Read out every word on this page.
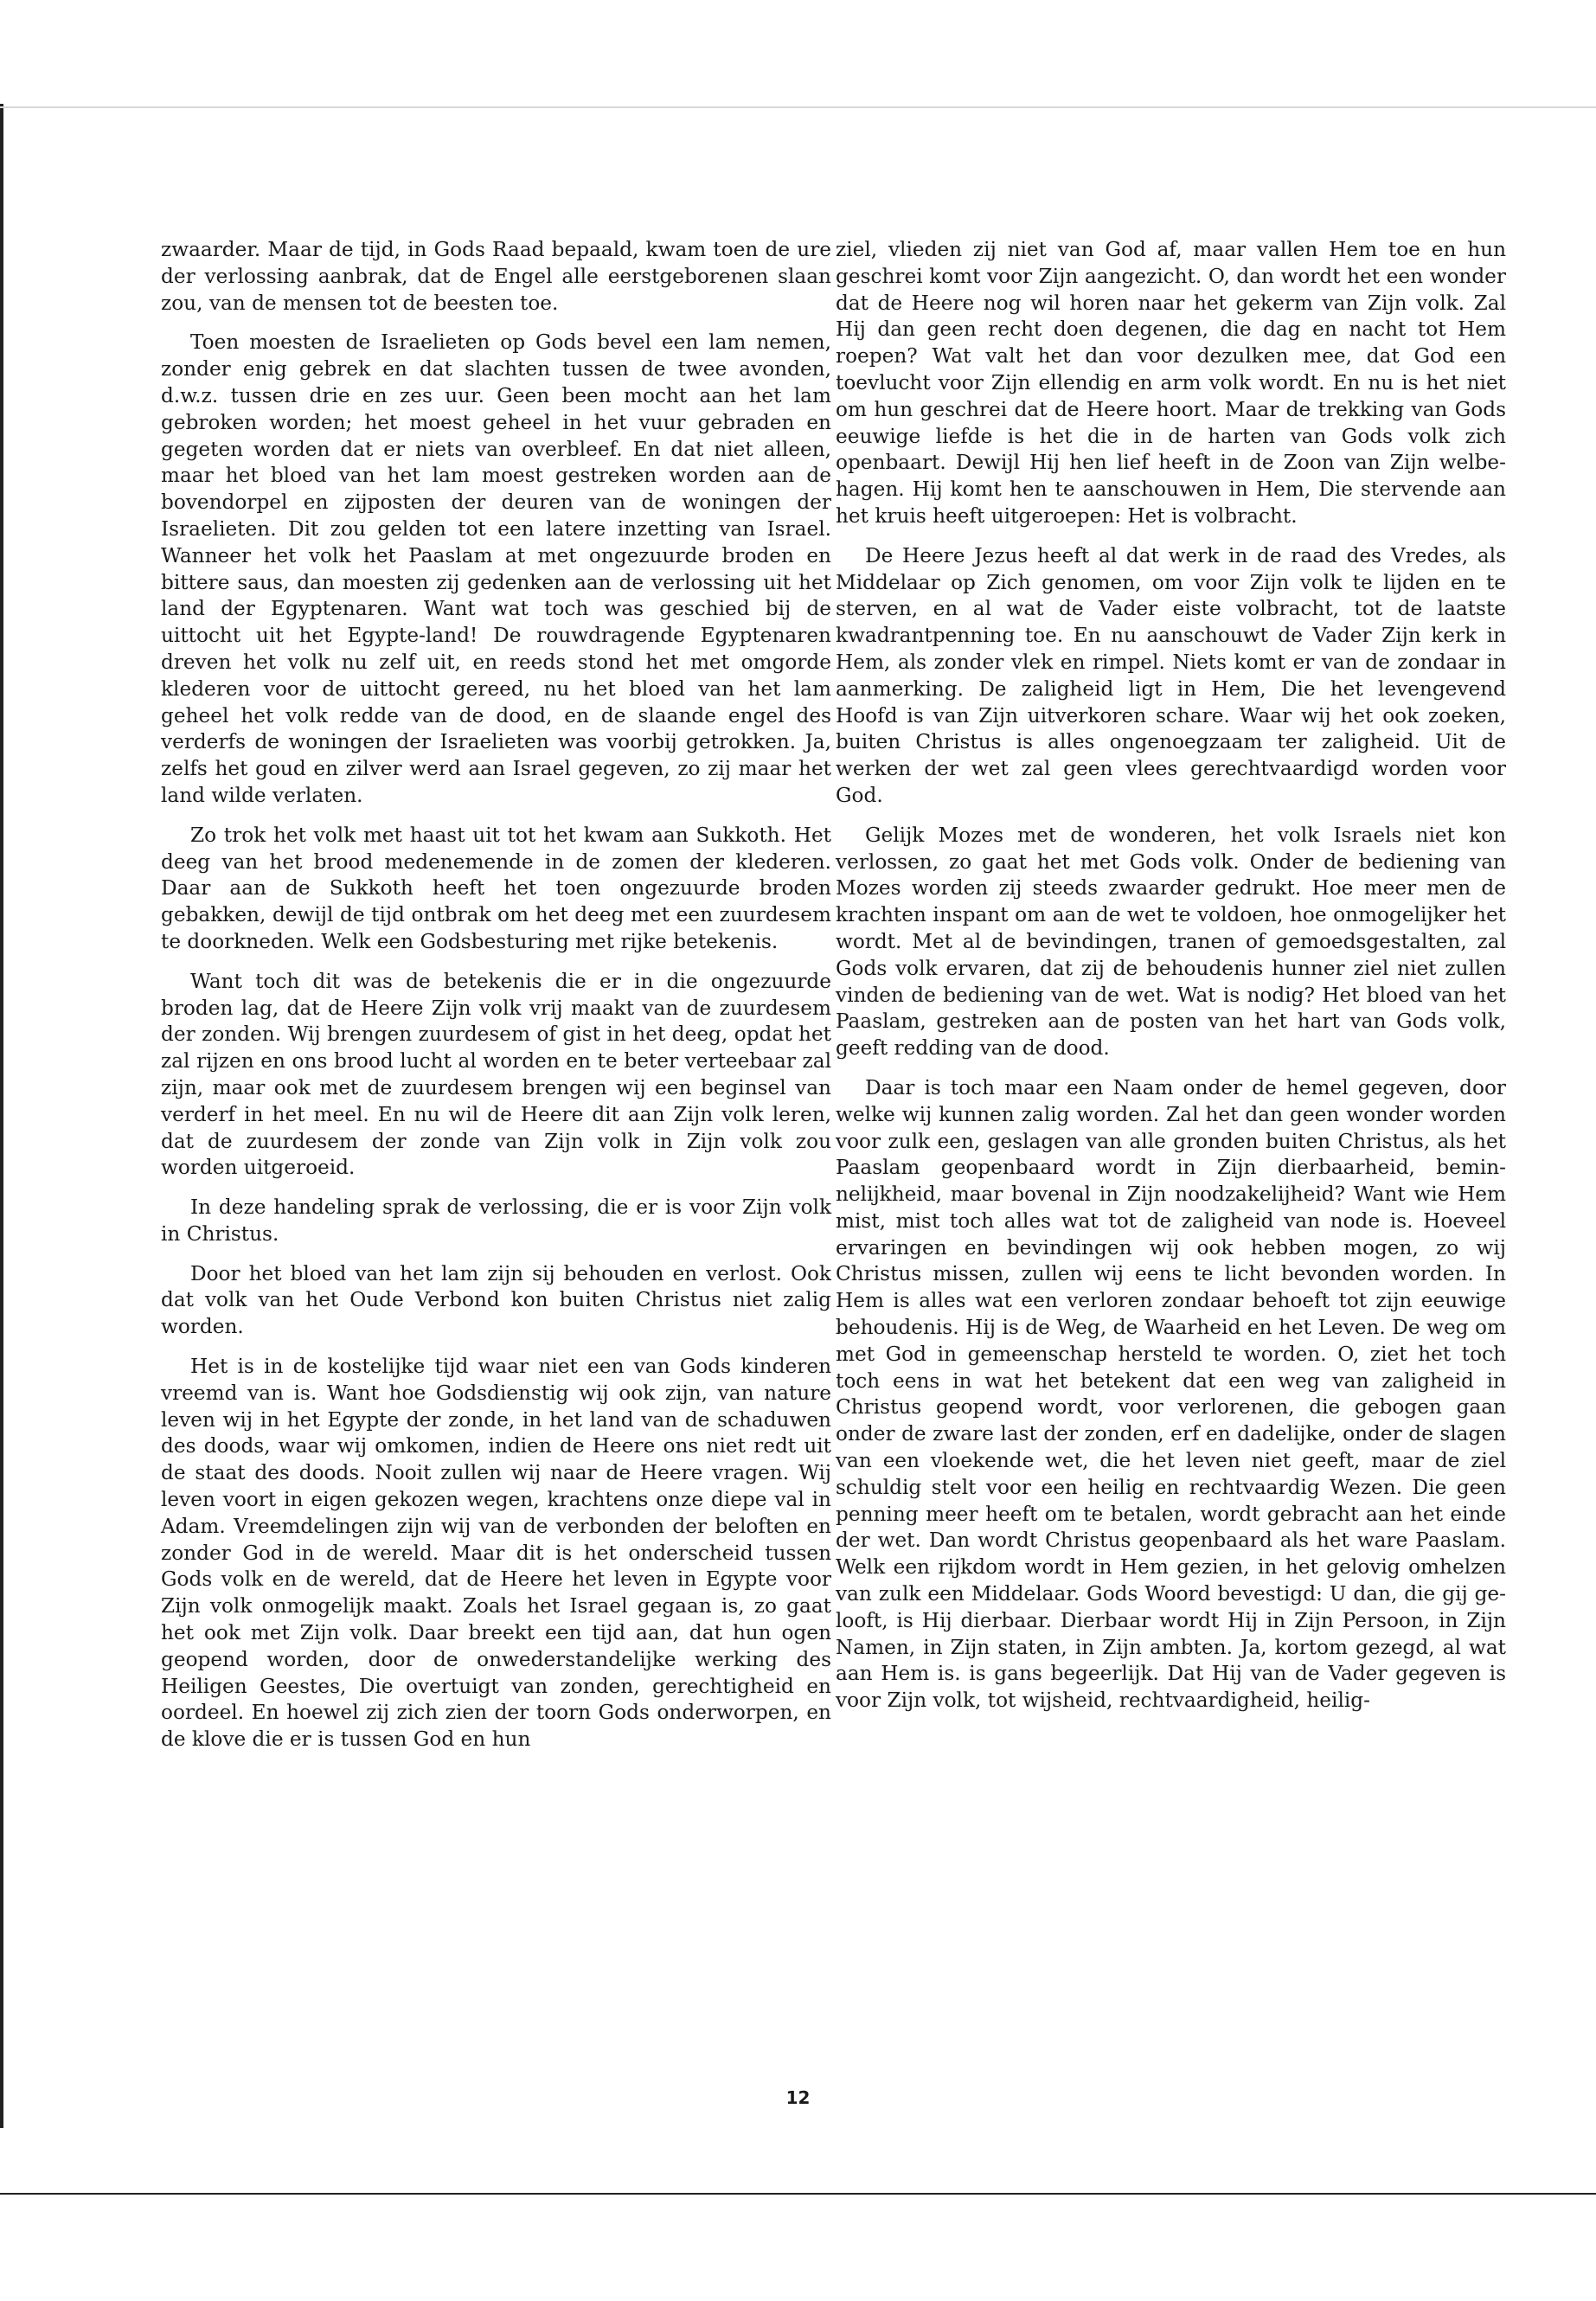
zwaarder. Maar de tijd, in Gods Raad bepaald, kwam toen de ure der verlossing aanbrak, dat de Engel alle eerstgeborenen slaan zou, van de mensen tot de beesten toe.

Toen moesten de Israelieten op Gods bevel een lam nemen, zonder enig gebrek en dat slachten tussen de twee avonden, d.w.z. tussen drie en zes uur. Geen been mocht aan het lam gebroken worden; het moest geheel in het vuur gebraden en gegeten worden dat er niets van overbleef. En dat niet alleen, maar het bloed van het lam moest gestreken worden aan de bovendorpel en zijposten der deuren van de woningen der Israelieten. Dit zou gelden tot een latere inzetting van Israel. Wanneer het volk het Paaslam at met ongezuurde broden en bittere saus, dan moesten zij gedenken aan de verlossing uit het land der Egyptenaren. Want wat toch was geschied bij de uittocht uit het Egypte-land! De rouwdragende Egyptenaren dreven het volk nu zelf uit, en reeds stond het met omgorde klederen voor de uittocht gereed, nu het bloed van het lam geheel het volk redde van de dood, en de slaande engel des verderfs de woningen der Israelieten was voorbij getrokken. Ja, zelfs het goud en zilver werd aan Israel gegeven, zo zij maar het land wilde verlaten.

Zo trok het volk met haast uit tot het kwam aan Sukkoth. Het deeg van het brood medenemende in de zomen der klederen. Daar aan de Sukkoth heeft het toen ongezuurde broden gebakken, dewijl de tijd ontbrak om het deeg met een zuurdesem te doorkneden. Welk een Godsbesturing met rijke betekenis.

Want toch dit was de betekenis die er in die ongezuurde broden lag, dat de Heere Zijn volk vrij maakt van de zuurdesem der zonden. Wij brengen zuurdesem of gist in het deeg, opdat het zal rijzen en ons brood lucht al worden en te beter verteebaar zal zijn, maar ook met de zuurdesem brengen wij een beginsel van verderf in het meel. En nu wil de Heere dit aan Zijn volk leren, dat de zuurdesem der zonde van Zijn volk in Zijn volk zou worden uitgeroeid.

In deze handeling sprak de verlossing, die er is voor Zijn volk in Christus.

Door het bloed van het lam zijn sij behouden en verlost. Ook dat volk van het Oude Verbond kon buiten Christus niet zalig worden.

Het is in de kostelijke tijd waar niet een van Gods kinderen vreemd van is. Want hoe Godsdienstig wij ook zijn, van nature leven wij in het Egypte der zonde, in het land van de schaduwen des doods, waar wij omkomen, indien de Heere ons niet redt uit de staat des doods. Nooit zullen wij naar de Heere vragen. Wij leven voort in eigen gekozen wegen, krachtens onze diepe val in Adam. Vreemdelingen zijn wij van de verbonden der beloften en zonder God in de wereld. Maar dit is het onderscheid tussen Gods volk en de wereld, dat de Heere het leven in Egypte voor Zijn volk onmogelijk maakt. Zoals het Israel gegaan is, zo gaat het ook met Zijn volk. Daar breekt een tijd aan, dat hun ogen geopend worden, door de onwederstandelijke werking des Heiligen Geestes, Die overtuigt van zonden, gerechtigheid en oordeel. En hoewel zij zich zien der toorn Gods onderworpen, en de klove die er is tussen God en hun

ziel, vlieden zij niet van God af, maar vallen Hem toe en hun geschrei komt voor Zijn aangezicht. O, dan wordt het een wonder dat de Heere nog wil horen naar het gekerm van Zijn volk. Zal Hij dan geen recht doen degenen, die dag en nacht tot Hem roepen? Wat valt het dan voor dezulken mee, dat God een toevlucht voor Zijn ellendig en arm volk wordt. En nu is het niet om hun geschrei dat de Heere hoort. Maar de trekking van Gods eeuwige liefde is het die in de harten van Gods volk zich openbaart. Dewijl Hij hen lief heeft in de Zoon van Zijn welbehagen. Hij komt hen te aanschouwen in Hem, Die stervende aan het kruis heeft uitgeroepen: Het is volbracht.

De Heere Jezus heeft al dat werk in de raad des Vredes, als Middelaar op Zich genomen, om voor Zijn volk te lijden en te sterven, en al wat de Vader eiste volbracht, tot de laatste kwadrantpenning toe. En nu aanschouwt de Vader Zijn kerk in Hem, als zonder vlek en rimpel. Niets komt er van de zondaar in aanmerking. De zaligheid ligt in Hem, Die het levengevend Hoofd is van Zijn uitverkoren schare. Waar wij het ook zoeken, buiten Christus is alles ongenoegzaam ter zaligheid. Uit de werken der wet zal geen vlees gerechtvaardigd worden voor God.

Gelijk Mozes met de wonderen, het volk Israels niet kon verlossen, zo gaat het met Gods volk. Onder de bediening van Mozes worden zij steeds zwaarder gedrukt. Hoe meer men de krachten inspant om aan de wet te voldoen, hoe onmogelijker het wordt. Met al de bevindingen, tranen of gemoedsgestalten, zal Gods volk ervaren, dat zij de behoudenis hunner ziel niet zullen vinden de bediening van de wet. Wat is nodig? Het bloed van het Paaslam, gestreken aan de posten van het hart van Gods volk, geeft redding van de dood.

Daar is toch maar een Naam onder de hemel gegeven, door welke wij kunnen zalig worden. Zal het dan geen wonder worden voor zulk een, geslagen van alle gronden buiten Christus, als het Paaslam geopenbaard wordt in Zijn dierbaarheid, beminnelijkheid, maar bovenal in Zijn noodzakelijheid? Want wie Hem mist, mist toch alles wat tot de zaligheid van node is. Hoeveel ervaringen en bevindingen wij ook hebben mogen, zo wij Christus missen, zullen wij eens te licht bevonden worden. In Hem is alles wat een verloren zondaar behoeft tot zijn eeuwige behoudenis. Hij is de Weg, de Waarheid en het Leven. De weg om met God in gemeenschap hersteld te worden. O, ziet het toch toch eens in wat het betekent dat een weg van zaligheid in Christus geopend wordt, voor verlorenen, die gebogen gaan onder de zware last der zonden, erf en dadelijke, onder de slagen van een vloekende wet, die het leven niet geeft, maar de ziel schuldig stelt voor een heilig en rechtvaardig Wezen. Die geen penning meer heeft om te betalen, wordt gebracht aan het einde der wet. Dan wordt Christus geopenbaard als het ware Paaslam. Welk een rijkdom wordt in Hem gezien, in het gelovig omhelzen van zulk een Middelaar. Gods Woord bevestigd: U dan, die gij gelooft, is Hij dierbaar. Dierbaar wordt Hij in Zijn Persoon, in Zijn Namen, in Zijn staten, in Zijn ambten. Ja, kortom gezegd, al wat aan Hem is. is gans begeerlijk. Dat Hij van de Vader gegeven is voor Zijn volk, tot wijsheid, rechtvaardigheid, heilig-

12
